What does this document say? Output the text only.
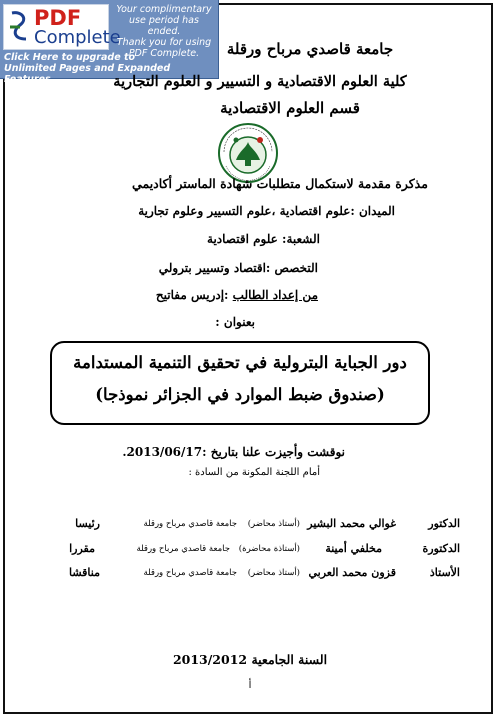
PDF
Complete
Your complimentary
use period has ended.
Thank you for using
PDF Complete.
Click Here to upgrade to
Unlimited Pages and Expanded Features
جامعة قاصدي مرباح ورقلة
كلية العلوم الاقتصادية و التسيير و العلوم التجارية
قسم العلوم الاقتصادية
مذكرة مقدمة لاستكمال متطلبات شهادة الماستر أكاديمي
الميدان :علوم اقتصادية ،علوم التسيير وعلوم تجارية
الشعبة: علوم اقتصادية
التخصص :اقتصاد وتسيير بترولي
من إعداد الطالب :إدريس مفاتيح
بعنوان :
دور الجباية البترولية في تحقيق التنمية المستدامة
(صندوق ضبط الموارد في الجزائر نموذجا)
نوقشت وأجيزت علنا بتاريخ :2013/06/17.
أمام اللجنة المكونة من السادة :
الدكتور
غوالي محمد البشير
(أستاذ محاضر)
جامعة قاصدي مرباح ورقلة
رئيسا
الدكتورة
مخلفي أمينة
(أستاذة محاضرة)
جامعة قاصدي مرباح ورقلة
مقررا
الأستاذ
قزون محمد العربي
(أستاذ محاضر)
جامعة قاصدي مرباح ورقلة
مناقشا
السنة الجامعية 2013/2012
أ
